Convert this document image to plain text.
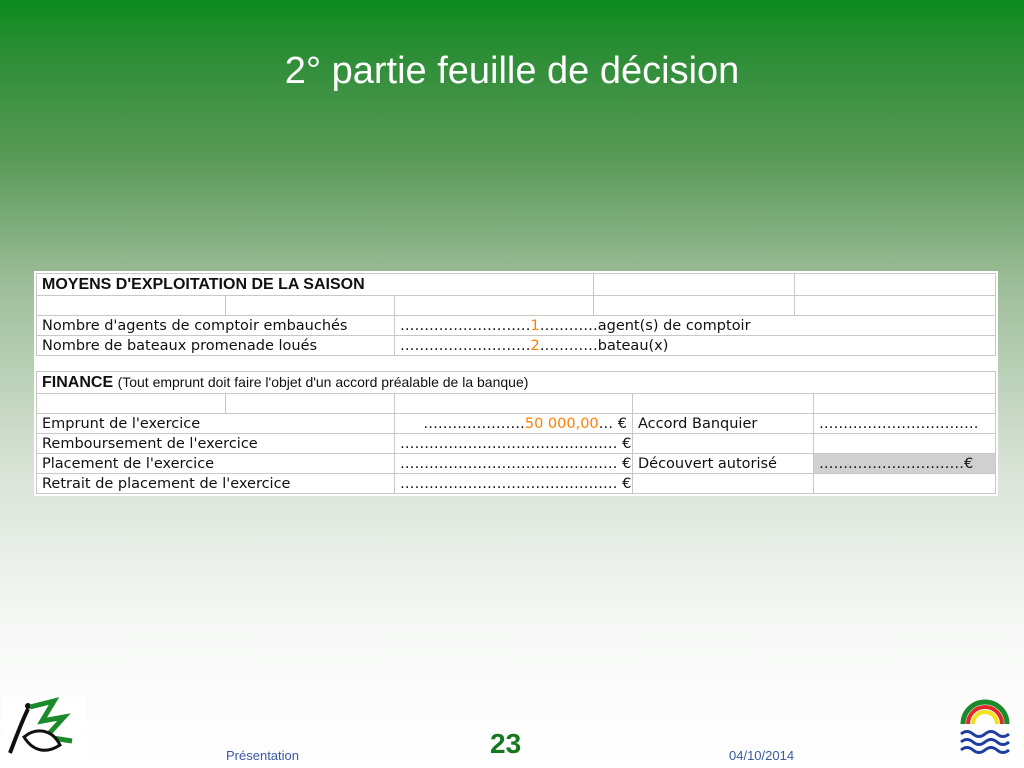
2° partie feuille de décision
MOYENS D'EXPLOITATION DE LA SAISON				

Nombre d'agents de comptoir embauchés		………………………1…………agent(s) de comptoir		
Nombre de bateaux promenade loués		………………………2…………bateau(x)		
FINANCE (Tout emprunt doit faire l'objet d'un accord préalable de la banque)				

Emprunt de l'exercice		…………………50 000,00… €	Accord Banquier	……………………………
Remboursement de l'exercice		……………………………………… €		
Placement de l'exercice		……………………………………… €	Découvert autorisé	…………………………€
Retrait de placement de l'exercice		……………………………………… €		
Présentation	23	04/10/2014
